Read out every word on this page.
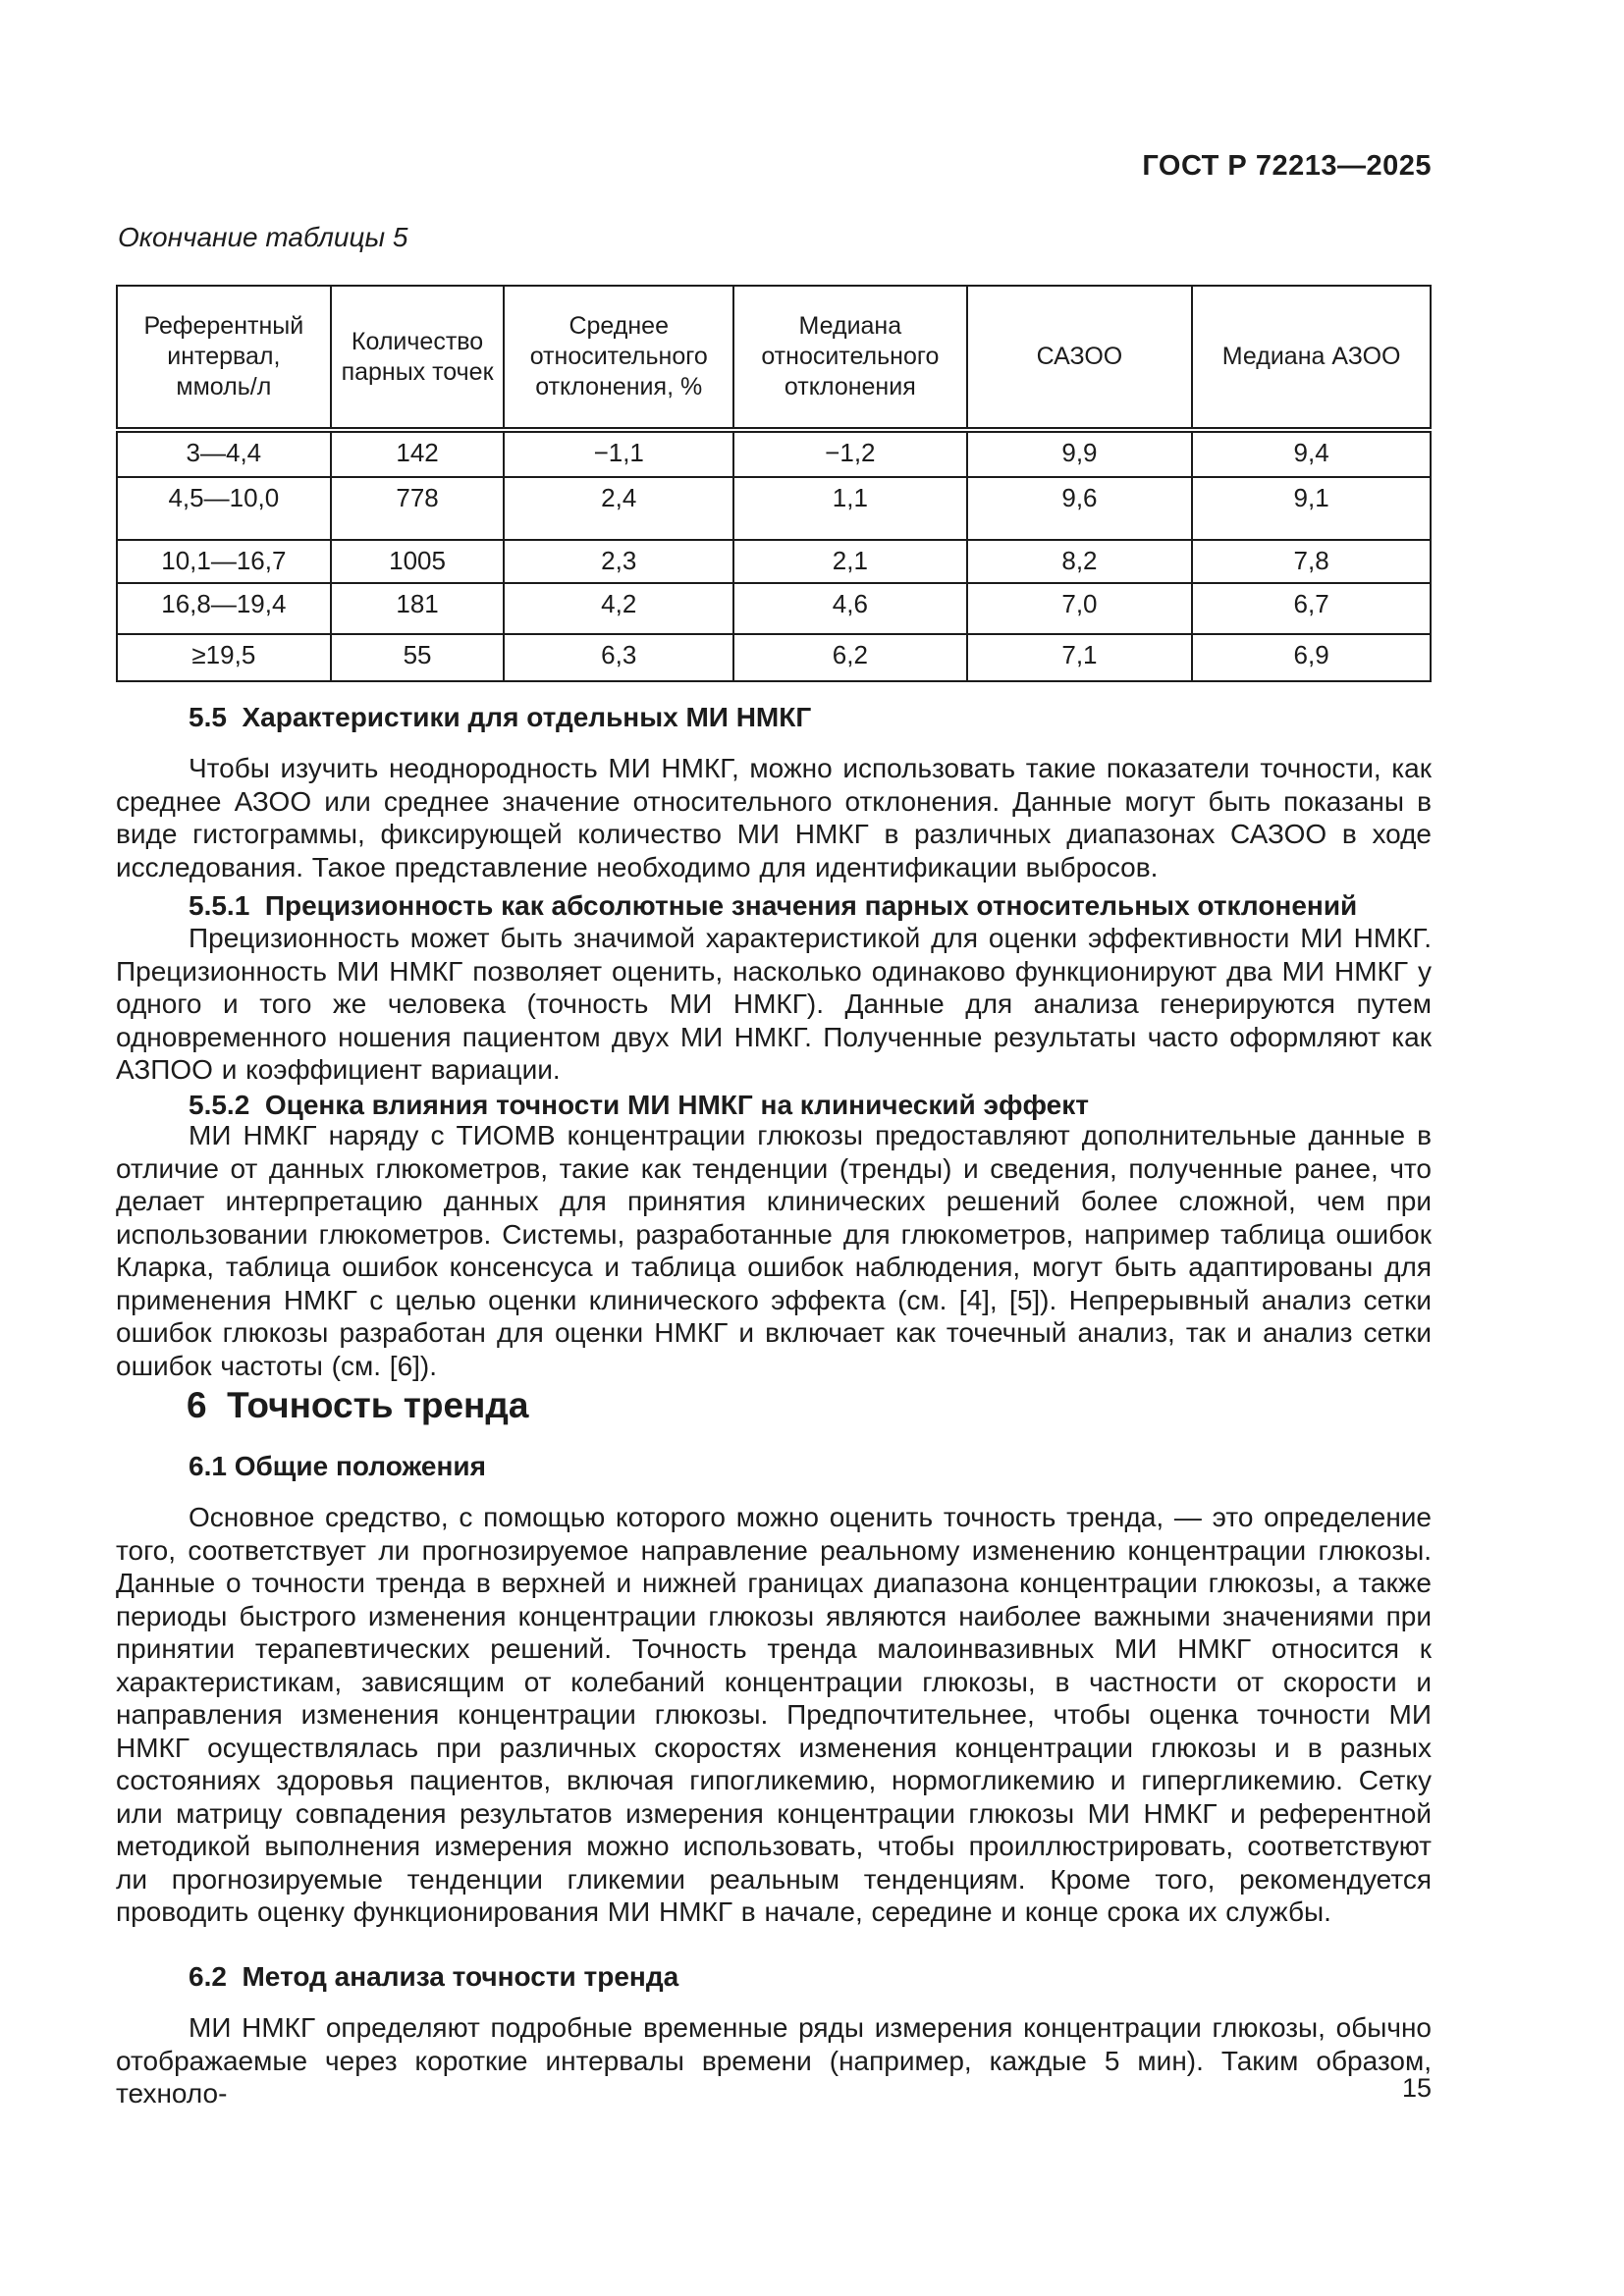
ГОСТ Р 72213—2025
Окончание таблицы 5
Референтный интервал, ммоль/л	Количество парных точек	Среднее относительного отклонения, %	Медиана относительного отклонения	САЗОО	Медиана АЗОО
3—4,4	142	−1,1	−1,2	9,9	9,4
4,5—10,0	778	2,4	1,1	9,6	9,1
10,1—16,7	1005	2,3	2,1	8,2	7,8
16,8—19,4	181	4,2	4,6	7,0	6,7
≥19,5	55	6,3	6,2	7,1	6,9
5.5  Характеристики для отдельных МИ НМКГ

Чтобы изучить неоднородность МИ НМКГ, можно использовать такие показатели точности, как среднее АЗОО или среднее значение относительного отклонения. Данные могут быть показаны в виде гистограммы, фиксирующей количество МИ НМКГ в различных диапазонах САЗОО в ходе исследования. Такое представление необходимо для идентификации выбросов.

5.5.1  Прецизионность как абсолютные значения парных относительных отклонений

Прецизионность может быть значимой характеристикой для оценки эффективности МИ НМКГ. Прецизионность МИ НМКГ позволяет оценить, насколько одинаково функционируют два МИ НМКГ у одного и того же человека (точность МИ НМКГ). Данные для анализа генерируются путем одновременного ношения пациентом двух МИ НМКГ. Полученные результаты часто оформляют как АЗПОО и коэффициент вариации.

5.5.2  Оценка влияния точности МИ НМКГ на клинический эффект

МИ НМКГ наряду с ТИОМВ концентрации глюкозы предоставляют дополнительные данные в отличие от данных глюкометров, такие как тенденции (тренды) и сведения, полученные ранее, что делает интерпретацию данных для принятия клинических решений более сложной, чем при использовании глюкометров. Системы, разработанные для глюкометров, например таблица ошибок Кларка, таблица ошибок консенсуса и таблица ошибок наблюдения, могут быть адаптированы для применения НМКГ с целью оценки клинического эффекта (см. [4], [5]). Непрерывный анализ сетки ошибок глюкозы разработан для оценки НМКГ и включает как точечный анализ, так и анализ сетки ошибок частоты (см. [6]).

6  Точность тренда
6.1 Общие положения

Основное средство, с помощью которого можно оценить точность тренда, — это определение того, соответствует ли прогнозируемое направление реальному изменению концентрации глюкозы. Данные о точности тренда в верхней и нижней границах диапазона концентрации глюкозы, а также периоды быстрого изменения концентрации глюкозы являются наиболее важными значениями при принятии терапевтических решений. Точность тренда малоинвазивных МИ НМКГ относится к характеристикам, зависящим от колебаний концентрации глюкозы, в частности от скорости и направления изменения концентрации глюкозы. Предпочтительнее, чтобы оценка точности МИ НМКГ осуществлялась при различных скоростях изменения концентрации глюкозы и в разных состояниях здоровья пациентов, включая гипогликемию, нормогликемию и гипергликемию. Сетку или матрицу совпадения результатов измерения концентрации глюкозы МИ НМКГ и референтной методикой выполнения измерения можно использовать, чтобы проиллюстрировать, соответствуют ли прогнозируемые тенденции гликемии реальным тенденциям. Кроме того, рекомендуется проводить оценку функционирования МИ НМКГ в начале, середине и конце срока их службы.

6.2  Метод анализа точности тренда

МИ НМКГ определяют подробные временные ряды измерения концентрации глюкозы, обычно отображаемые через короткие интервалы времени (например, каждые 5 мин). Таким образом, техноло-	15
